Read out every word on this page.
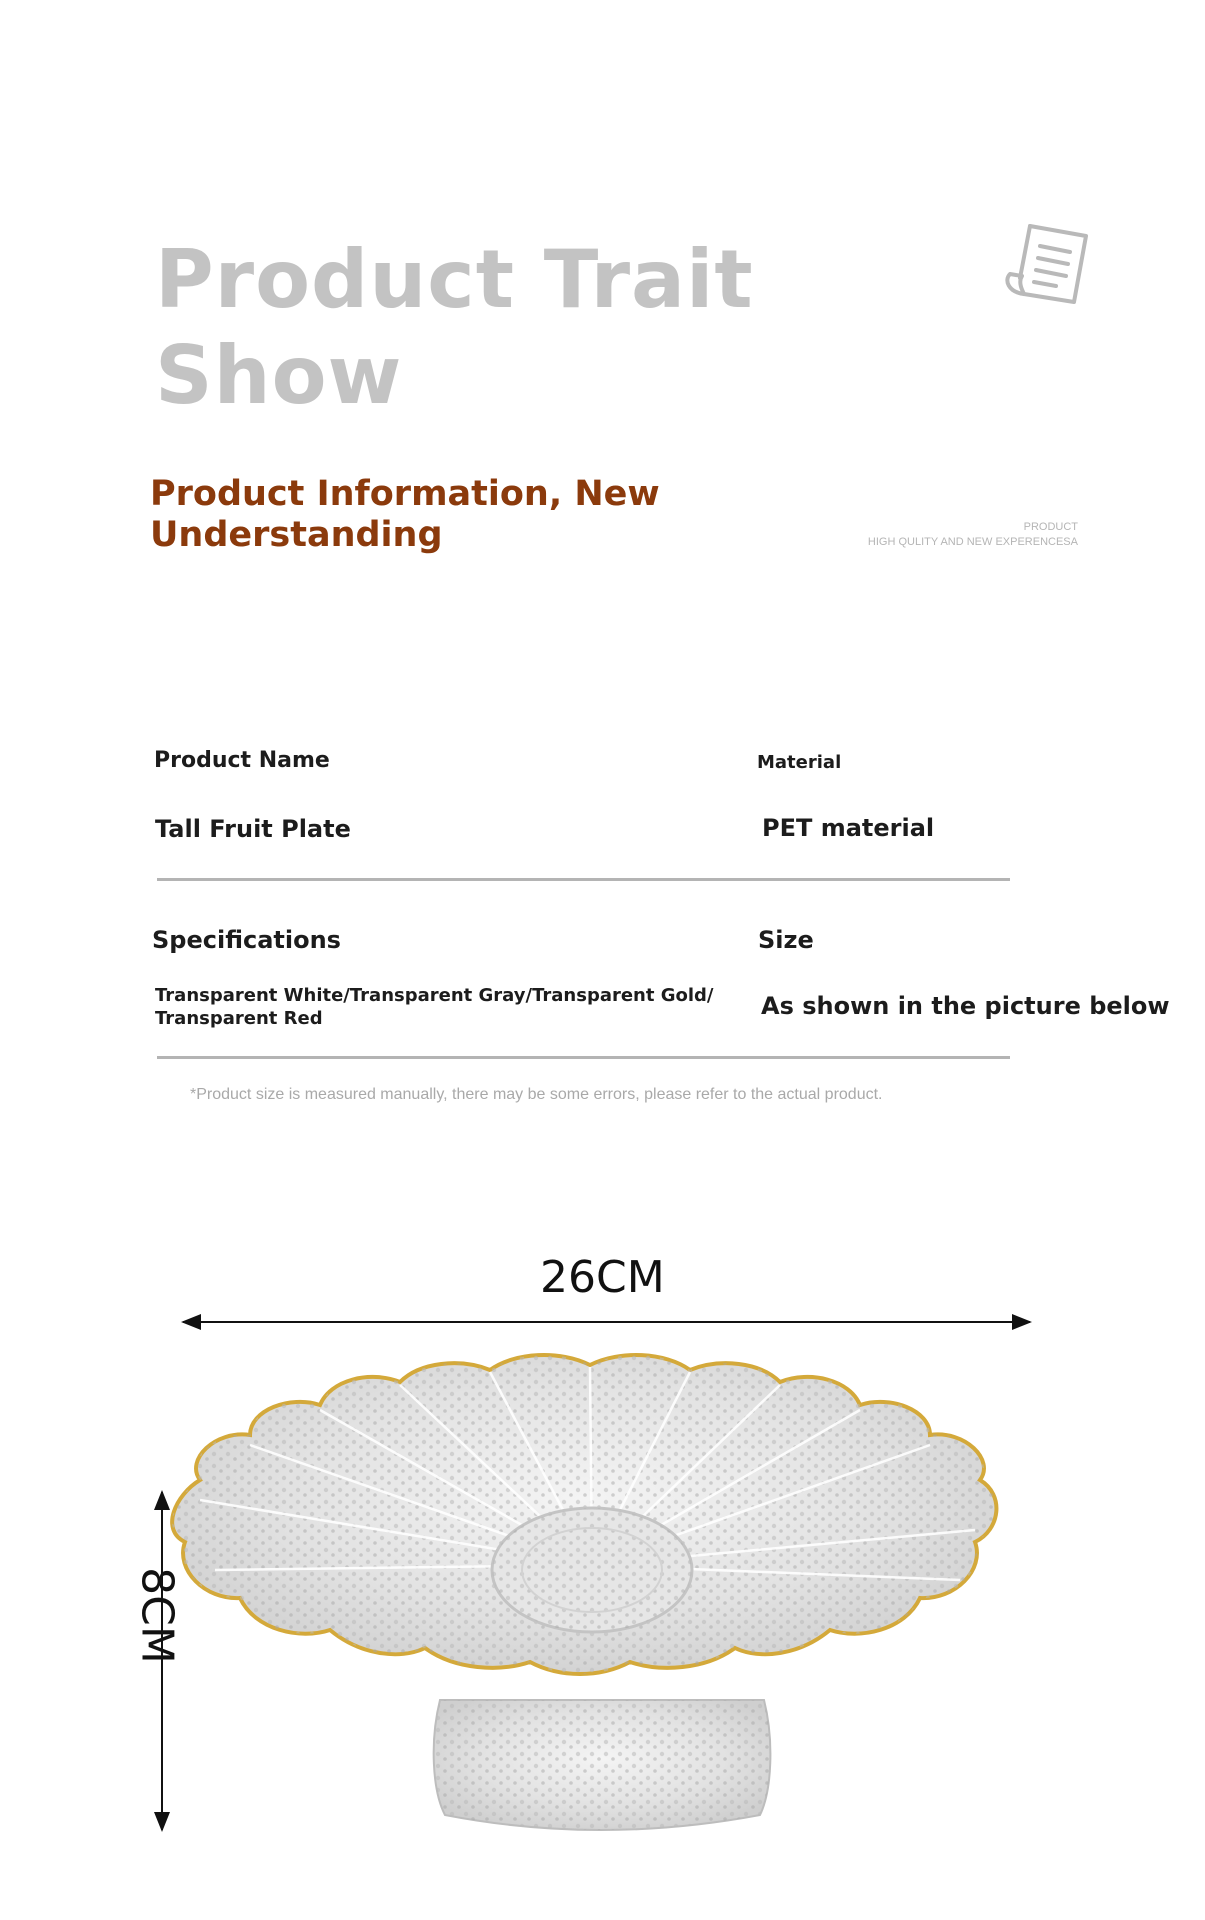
Product Trait
Show
Product Information, New
Understanding	PRODUCT
HIGH QULITY AND NEW EXPERENCESA
Product Name	Material
Tall Fruit Plate	PET material
Specifications	Size
Transparent White/Transparent Gray/Transparent Gold/
Transparent Red	As shown in the picture below
*Product size is measured manually, there may be some errors, please refer to the actual product.
26CM
8CM
